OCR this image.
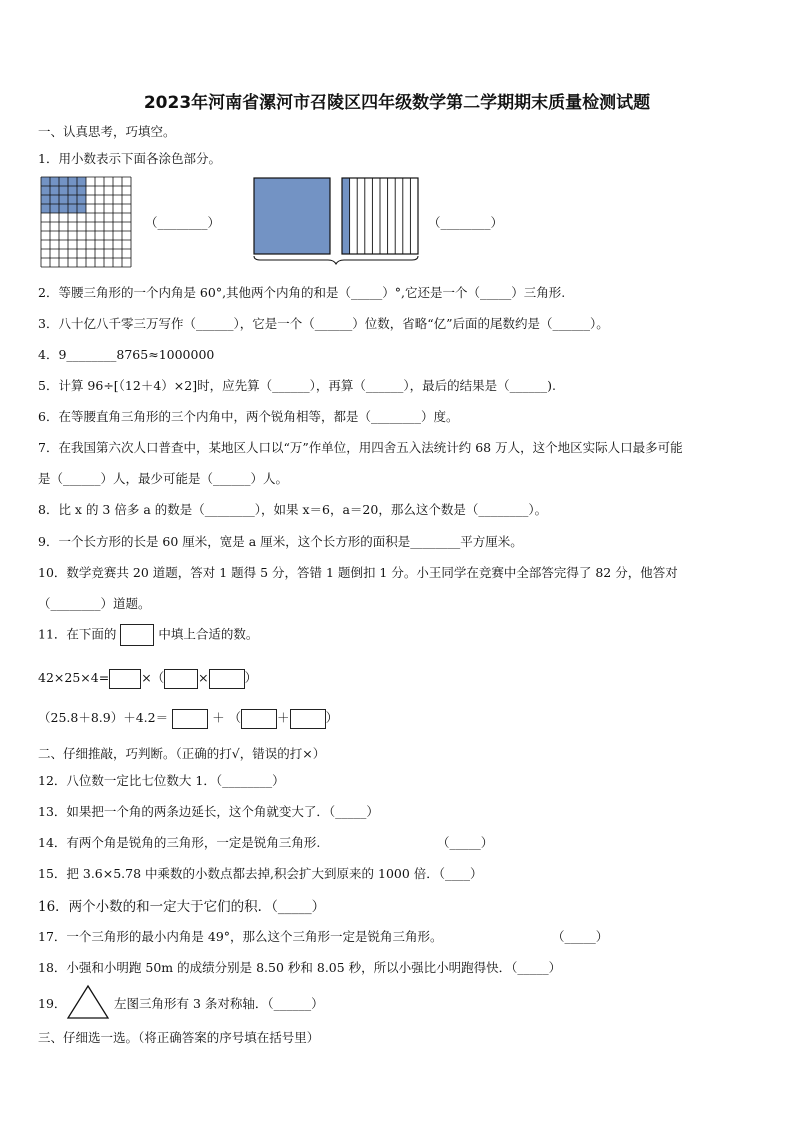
2023年河南省漯河市召陵区四年级数学第二学期期末质量检测试题
一、认真思考，巧填空。
1．用小数表示下面各涂色部分。
（________）	（________）
2．等腰三角形的一个内角是 60°,其他两个内角的和是（_____）°,它还是一个（_____）三角形.
3．八十亿八千零三万写作（______），它是一个（______）位数，省略“亿”后面的尾数约是（______）。
4．9________8765≈1000000
5．计算 96÷[（12＋4）×2]时，应先算（______），再算（______），最后的结果是（______).
6．在等腰直角三角形的三个内角中，两个锐角相等，都是（________）度。
7．在我国第六次人口普查中，某地区人口以“万”作单位，用四舍五入法统计约 68 万人，这个地区实际人口最多可能
是（______）人，最少可能是（______）人。
8．比 x 的 3 倍多 a 的数是（________），如果 x＝6，a＝20，那么这个数是（________）。
9．一个长方形的长是 60 厘米，宽是 a 厘米，这个长方形的面积是________平方厘米。
10．数学竞赛共 20 道题，答对 1 题得 5 分，答错 1 题倒扣 1 分。小王同学在竞赛中全部答完得了 82 分，他答对
（________）道题。
11．在下面的	中填上合适的数。
42×25×4=	×（	×	）
（25.8＋8.9）＋4.2＝	＋ （	＋	）
二、仔细推敲，巧判断。（正确的打√，错误的打×）
12．八位数一定比七位数大 1．（________）
13．如果把一个角的两条边延长，这个角就变大了．（_____）
14．有两个角是锐角的三角形，一定是锐角三角形.	（_____）
15．把 3.6×5.78 中乘数的小数点都去掉,积会扩大到原来的 1000 倍．（____）
16．两个小数的和一定大于它们的积．（_____）
17．一个三角形的最小内角是 49°，那么这个三角形一定是锐角三角形。	（_____）
18．小强和小明跑 50m 的成绩分别是 8.50 秒和 8.05 秒，所以小强比小明跑得快．（_____）
19．	左图三角形有 3 条对称轴．（______）
三、仔细选一选。（将正确答案的序号填在括号里）
